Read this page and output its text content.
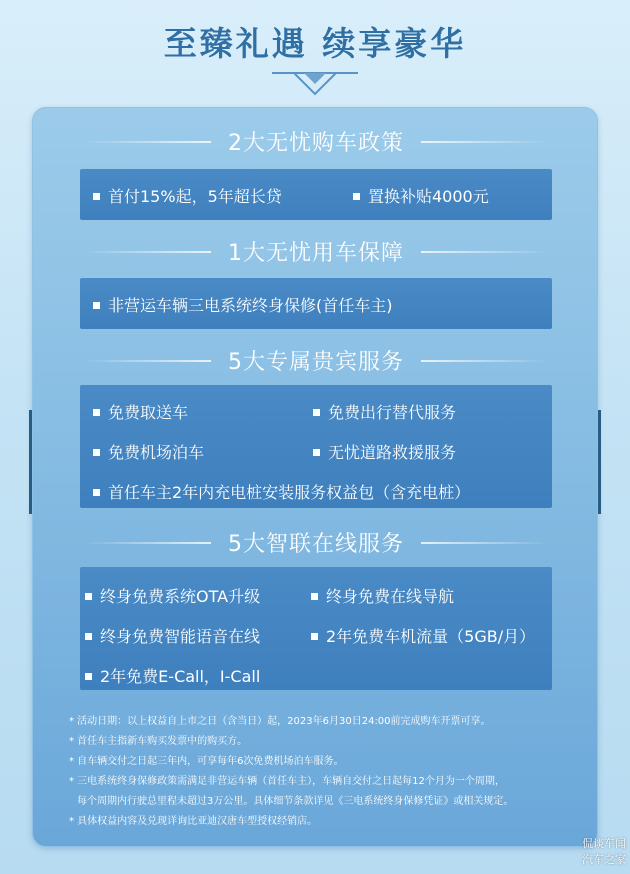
至臻礼遇 续享豪华
2大无忧购车政策
首付15%起，5年超长贷	置换补贴4000元
1大无忧用车保障
非营运车辆三电系统终身保修(首任车主)
5大专属贵宾服务
免费取送车	免费出行替代服务
免费机场泊车	无忧道路救援服务
首任车主2年内充电桩安装服务权益包（含充电桩）
5大智联在线服务
终身免费系统OTA升级	终身免费在线导航
终身免费智能语音在线	2年免费车机流量（5GB/月）
2年免费E-Call，I-Call
* 活动日期：以上权益自上市之日（含当日）起，2023年6月30日24:00前完成购车开票可享。
* 首任车主指新车购买发票中的购买方。
* 自车辆交付之日起三年内，可享每年6次免费机场泊车服务。
* 三电系统终身保修政策需满足非营运车辆（首任车主），车辆自交付之日起每12个月为一个周期，
每个周期内行驶总里程未超过3万公里。具体细节条款详见《三电系统终身保修凭证》或相关规定。
* 具体权益内容及兑现详询比亚迪汉唐车型授权经销店。
侃谈车闻
汽车之家
